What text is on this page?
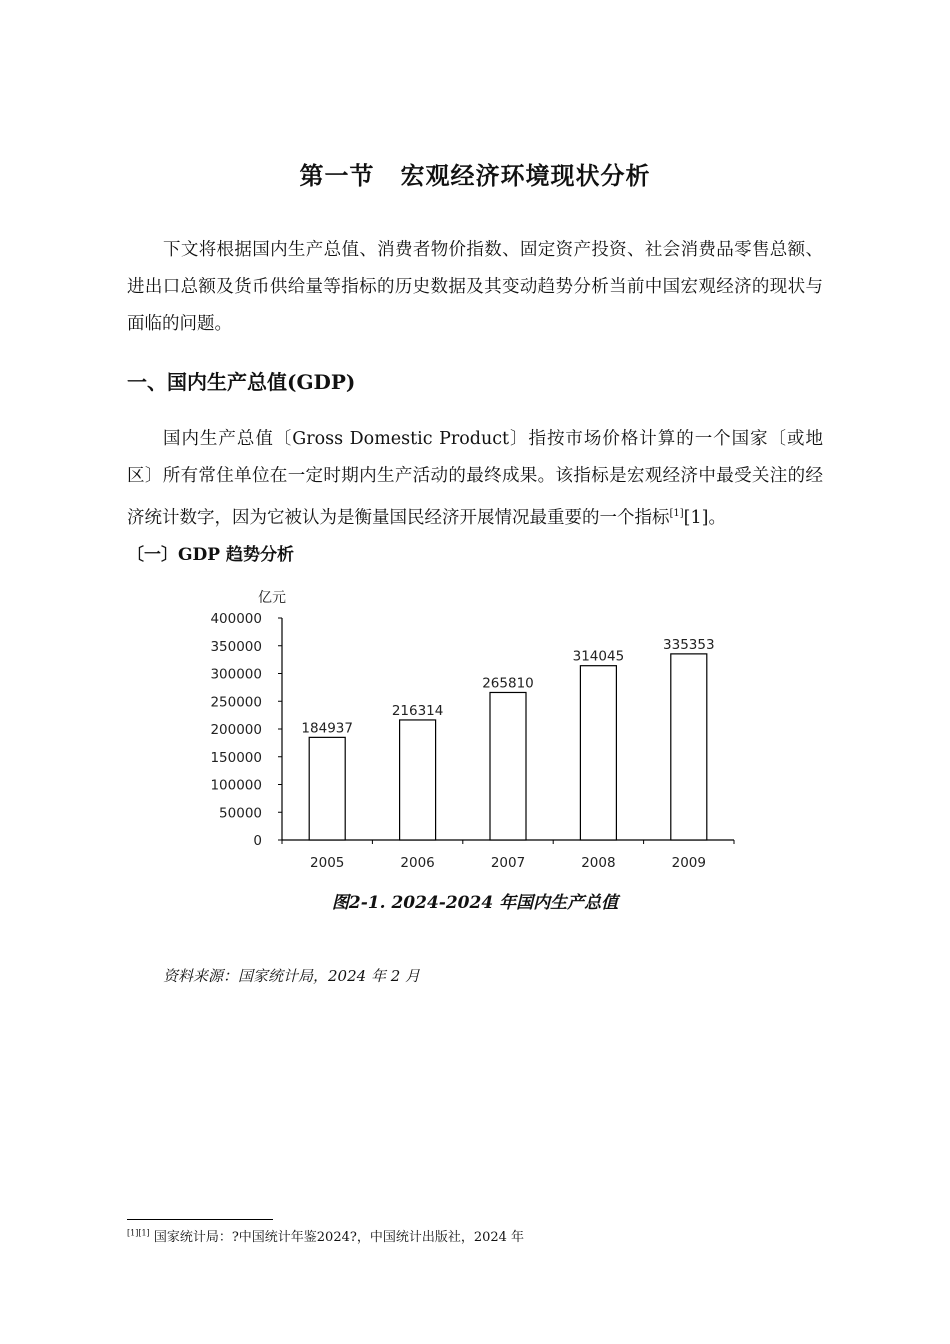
第一节 宏观经济环境现状分析

下文将根据国内生产总值、消费者物价指数、固定资产投资、社会消费品零售总额、进出口总额及货币供给量等指标的历史数据及其变动趋势分析当前中国宏观经济的现状与面临的问题。

一、国内生产总值(GDP)

国内生产总值〔Gross Domestic Product〕指按市场价格计算的一个国家〔或地区〕所有常住单位在一定时期内生产活动的最终成果。该指标是宏观经济中最受关注的经济统计数字，因为它被认为是衡量国民经济开展情况最重要的一个指标[1][1]。

〔一〕GDP 趋势分析
亿元
0
50000
100000
150000
200000
250000
300000
350000
400000
184937
2005
216314
2006
265810
2007
314045
2008
335353
2009
图2-1. 2024-2024 年国内生产总值
资料来源：国家统计局，2024 年 2 月
[1][1] 国家统计局：?中国统计年鉴2024?，中国统计出版社，2024 年
